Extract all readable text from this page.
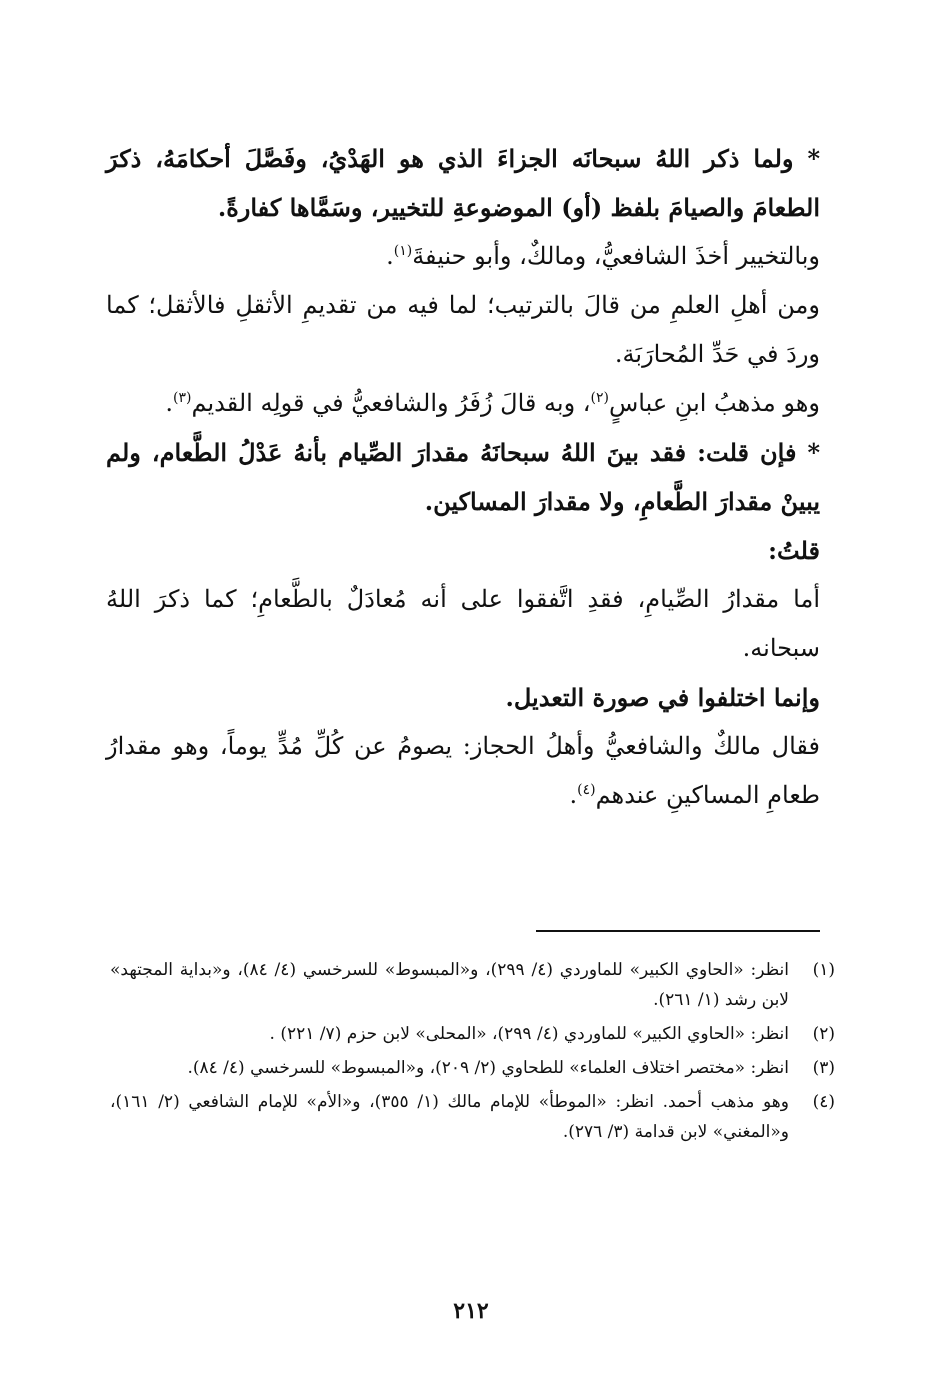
* ولما ذكر اللهُ سبحانَه الجزاءَ الذي هو الهَدْيُ، وفَصَّلَ أحكامَهُ، ذكرَ الطعامَ والصيامَ بلفظ (أو) الموضوعةِ للتخيير، وسَمَّاها كفارةً.

وبالتخيير أخذَ الشافعيُّ، ومالكٌ، وأبو حنيفةَ$^{(١)}$.

ومن أهلِ العلمِ من قالَ بالترتيب؛ لما فيه من تقديمِ الأثقلِ فالأثقل؛ كما وردَ في حَدِّ المُحارَبَة.

وهو مذهبُ ابنِ عباسٍ$^{(٢)}$، وبه قالَ زُفَرُ والشافعيُّ في قولِه القديم$^{(٣)}$.

* فإن قلت: فقد بينَ اللهُ سبحانَهُ مقدارَ الصِّيام بأنهُ عَدْلُ الطَّعام، ولم يبينْ مقدارَ الطَّعامِ، ولا مقدارَ المساكين.

قلتُ:

أما مقدارُ الصِّيامِ، فقدِ اتَّفقوا على أنه مُعادَلٌ بالطَّعامِ؛ كما ذكرَ اللهُ سبحانه.

وإنما اختلفوا في صورة التعديل.

فقال مالكٌ والشافعيُّ وأهلُ الحجاز: يصومُ عن كُلِّ مُدٍّ يوماً، وهو مقدارُ طعامِ المساكينِ عندهم$^{(٤)}$.

(١)
انظر: «الحاوي الكبير» للماوردي (٤/ ٢٩٩)، و«المبسوط» للسرخسي (٤/ ٨٤)، و«بداية المجتهد» لابن رشد (١/ ٢٦١).
(٢)
انظر: «الحاوي الكبير» للماوردي (٤/ ٢٩٩)، «المحلى» لابن حزم (٧/ ٢٢١) .
(٣)
انظر: «مختصر اختلاف العلماء» للطحاوي (٢/ ٢٠٩)، و«المبسوط» للسرخسي (٤/ ٨٤).
(٤)
وهو مذهب أحمد. انظر: «الموطأ» للإمام مالك (١/ ٣٥٥)، و«الأم» للإمام الشافعي (٢/ ١٦١)، و«المغني» لابن قدامة (٣/ ٢٧٦).
٢١٢
